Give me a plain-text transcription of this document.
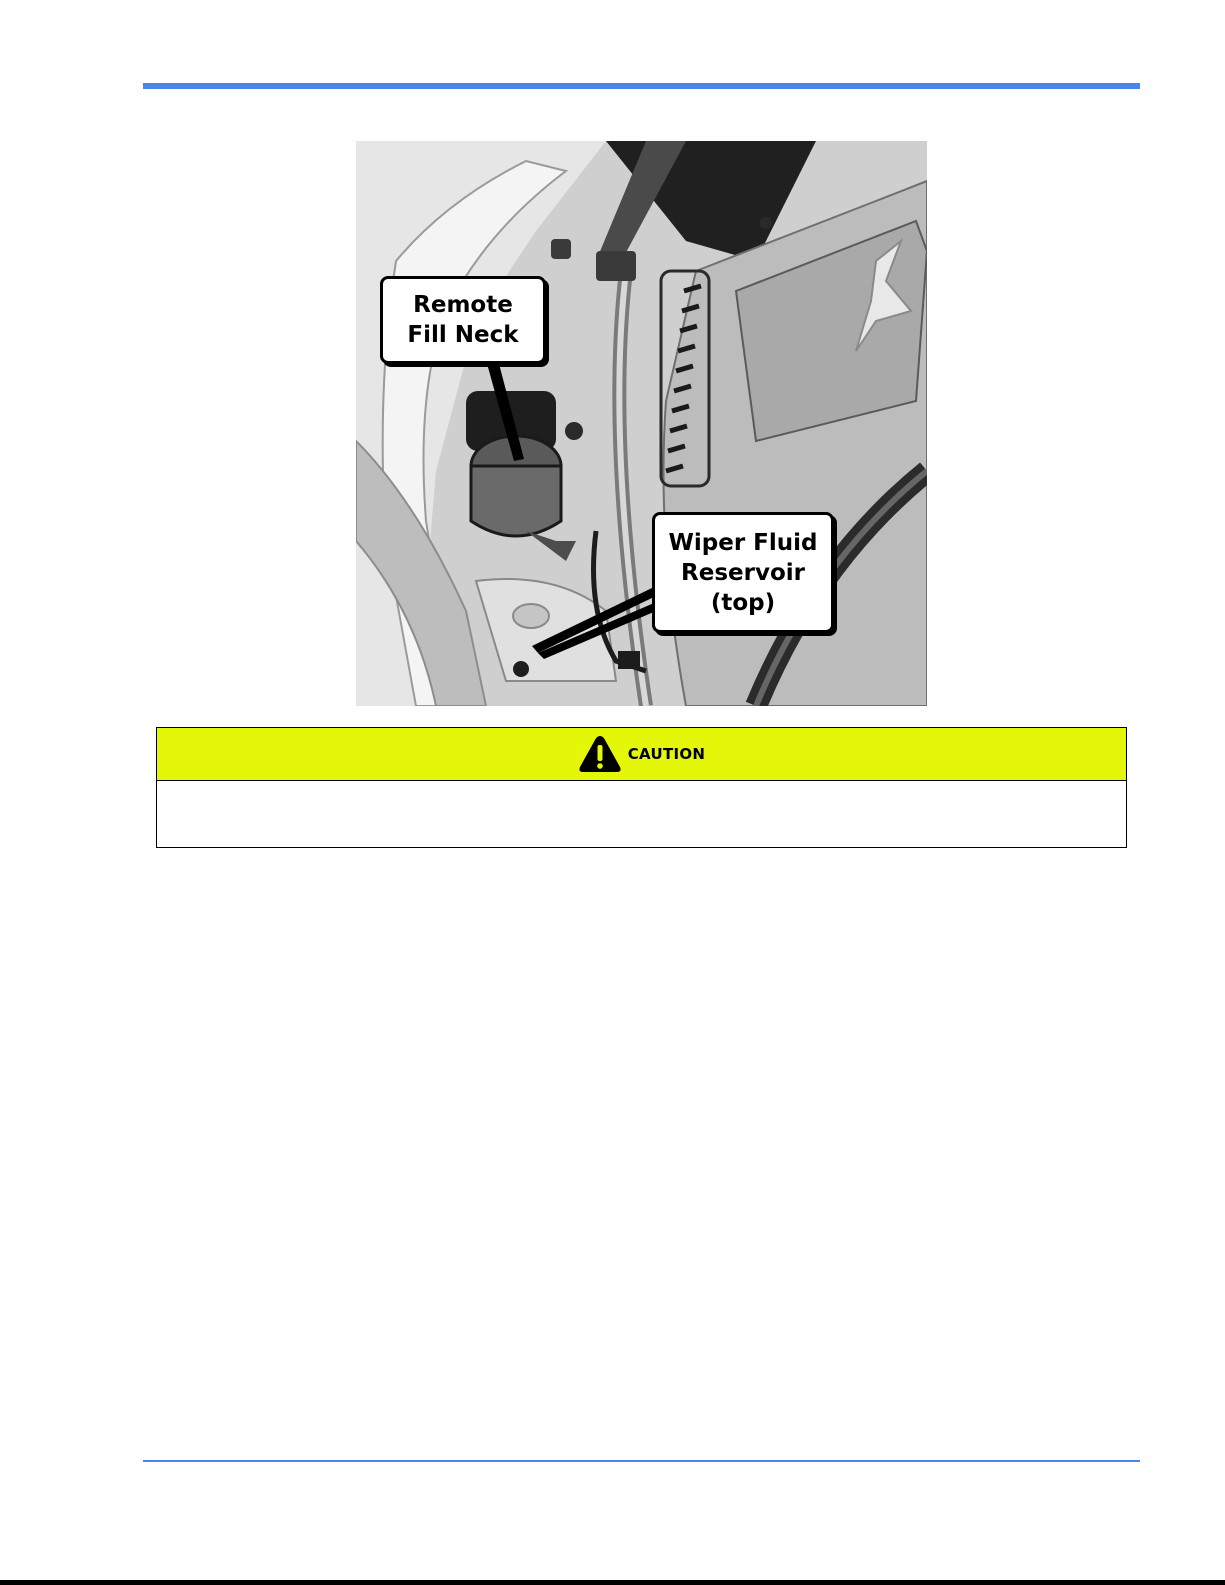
Remote
Fill Neck
Wiper Fluid
Reservoir
(top)
CAUTION
